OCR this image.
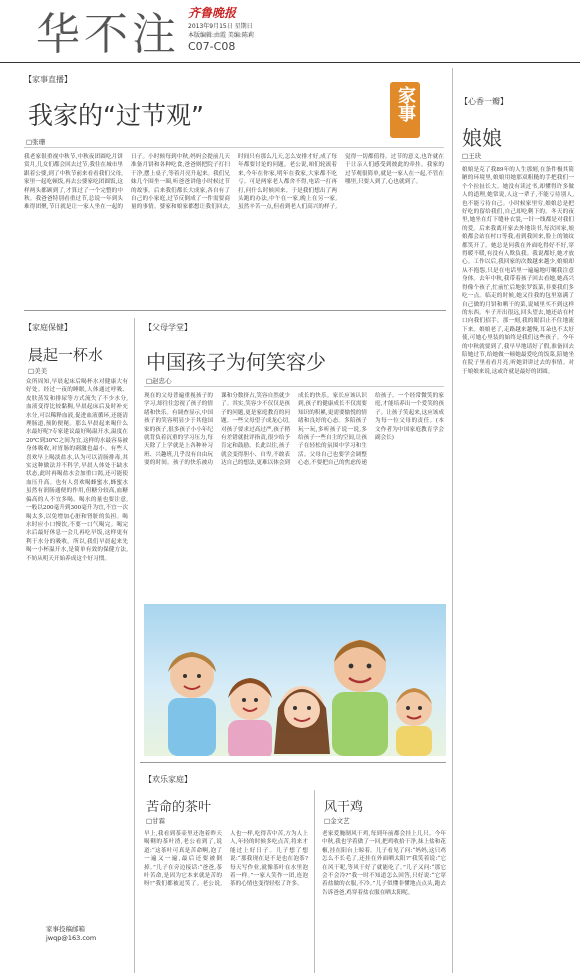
华不注 齐鲁晚报
2013年9月15日 星期日
本版编辑:由霞 美编:陈莉
C07-C08
【家事直播】
我家的“过节观”
□张珊
家事
我老家很重视中秋节,中秋夜团圆吃月饼赏月,儿女们都会回去过节,我往在城市里跟着公婆,到了中秋节前来看看我们父母,家里一起吃顿饭,再去公婆家吃团圆饭,这样两头都顾到了,才算过了一个完整的中秋。我爸爸特别看重过节,总说一年到头难得团聚,节日就是让一家人坐在一起的日子。小时候每到中秋,妈妈会提前几天准备月饼和各种吃食,爸爸则把院子打扫干净,摆上桌子,等着月亮升起来。我们兄妹几个围坐一圈,听爸爸讲他小时候过节的故事。后来我们都长大成家,各自有了自己的小家庭,过节反倒成了一件需要商量的事情。婆家和娘家都想让我们回去,时间只有那么几天,怎么安排才好,成了每年都要讨论的问题。老公说,咱们轮流着来,今年在你家,明年在我家,大家都不吃亏。可是两家老人都舍不得,电话一打再打,问什么时候回来。于是我们想出了两头跑的办法,中午在一家,晚上在另一家,虽然辛苦一点,但看到老人们高兴的样子,觉得一切都值得。过节的意义,也许就在于让亲人们感受到彼此的牵挂。我家的过节观很简单,就是一家人在一起,不管在哪里,只要人到了,心也就到了。
【心香一瓣】
娘娘
□王玦
娘娘是克了我89年的人生那刻,在条件极其简陋的环境里,娘娘用她那双粗糙的手把我们一个个拉扯长大。她没有读过书,却懂得许多做人的道理,她常说,人这一辈子,不能亏待别人,也不能亏待自己。小时候家里穷,娘娘总是把好吃的留给我们,自己却吃剩下的。冬天的夜里,她坐在灯下缝补衣裳,一针一线都是对我们的爱。后来我离开家去外地读书,每次回家,娘娘都会站在村口等我,看到我回来,脸上的皱纹都笑开了。她总是问我在外面吃得好不好,穿得暖不暖,有没有人欺负我。我说都好,她才放心。工作以后,我回家的次数越来越少,娘娘却从不抱怨,只是在电话里一遍遍地叮嘱我注意身体。去年中秋,我带着孩子回去看她,她高兴得像个孩子,忙前忙后地张罗饭菜,非要我们多吃一点。临走的时候,她又往我的包里塞满了自己做的月饼和晒干的菜,说城里买不到这样的东西。车子开出很远,回头望去,她还站在村口向我们招手。那一刻,我的眼泪止不住地流下来。娘娘老了,走路越来越慢,耳朵也不太好使,可她心里装的始终是我们这些孩子。今年的中秋就要到了,我早早地请好了假,准备回去陪她过节,给她做一顿她最爱吃的饭菜,陪她坐在院子里看看月亮,听她讲讲过去的事情。对于娘娘来说,这或许就是最好的团圆。
【家庭保健】
晨起一杯水
□美美
众所周知,早晨起床后喝杯水对健康大有好处。经过一夜的睡眠,人体通过呼吸、皮肤蒸发和排尿等方式流失了不少水分,血液变得比较黏稠,早晨起床后及时补充水分,可以稀释血液,促进血液循环,还能清理肠道,预防便秘。那么早晨起来喝什么水最好呢?专家建议最好喝温开水,温度在20℃到30℃之间为宜,这样的水最容易被身体吸收,对胃肠的刺激也最小。有些人喜欢早上喝淡盐水,认为可以清肠排毒,其实这种做法并不科学,早晨人体处于缺水状态,此时再喝盐水会加重口渴,还可能使血压升高。也有人喜欢喝蜂蜜水,蜂蜜水虽然有润肠通便的作用,但糖分较高,血糖偏高的人不宜多喝。喝水的量也要注意,一般以200毫升到300毫升为宜,不宜一次喝太多,以免增加心脏和肾脏的负担。喝水时应小口慢饮,不要一口气喝完。喝完水后最好休息一会儿再吃早饭,这样更有利于水分的吸收。所以,我们早晨起来先喝一小杯温开水,是简单有效的保健方法,不妨从明天开始养成这个好习惯。
家事投稿邮箱
jwqp@163.com
【父母学堂】
中国孩子为何笑容少
□赵忠心
现在的父母普遍重视孩子的学习,却往往忽视了孩子的情绪和快乐。有调查显示,中国孩子的笑容明显少于其他国家的孩子,很多孩子小小年纪就背负着沉重的学习压力,每天除了上学就是上各种补习班、兴趣班,几乎没有自由玩耍的时间。孩子的快乐被功课和分数挤占,笑容自然就少了。其实,笑容少不仅仅是孩子的问题,更是家庭教育的问题。一些父母望子成龙心切,对孩子要求过高过严,孩子稍有差错就批评指责,很少给予肯定和鼓励。长此以往,孩子就会变得胆小、自卑,不敢表达自己的想法,更难以体会到成长的快乐。家长应该认识到,孩子的健康成长不仅需要知识的积累,更需要愉悦的情绪和良好的心态。多陪孩子玩一玩,多听孩子说一说,多给孩子一些自主的空间,让孩子在轻松的氛围中学习和生活。父母自己也要学会调整心态,不要把自己的焦虑传递给孩子。一个经常微笑的家庭,才能培养出一个爱笑的孩子。让孩子笑起来,这应该成为每一位父母的责任。(本文作者为中国家庭教育学会副会长)
【欢乐家庭】
苦命的茶叶
□甘霖
早上,我看到茶壶里还泡着昨天喝剩的茶叶渣,老公看到了,说道:“这茶叶可真是苦命啊,泡了一遍又一遍,最后还要被倒掉。”儿子在旁边接话:“爸爸,茶叶苦命,是因为它本来就是苦的呀!”我们都被逗笑了。老公说,人也一样,吃得苦中苦,方为人上人,年轻的时候多吃点苦,将来才能过上好日子。儿子想了想说:“那我现在是不是也在泡茶?每天写作业,就像茶叶在水里泡着一样。”一家人笑作一团,连泡茶的心情也变得轻松了许多。
风干鸡
□金文艺
老家爱腌制风干鸡,每到年前都会挂上几只。今年中秋,我也学着做了一回,把鸡收拾干净,抹上盐和花椒,挂在阳台上晾着。儿子看见了问:“妈妈,这只鸡怎么不长毛了,还挂在外面晒太阳?”我笑着说:“它在风干呢,等风干好了就能吃了。”儿子又问:“那它会不会冷?”我一时不知道怎么回答,只好说:“它穿着盐做的衣服,不冷。”儿子似懂非懂地点点头,跑去告诉爸爸,鸡穿着盐衣服在晒太阳呢。
